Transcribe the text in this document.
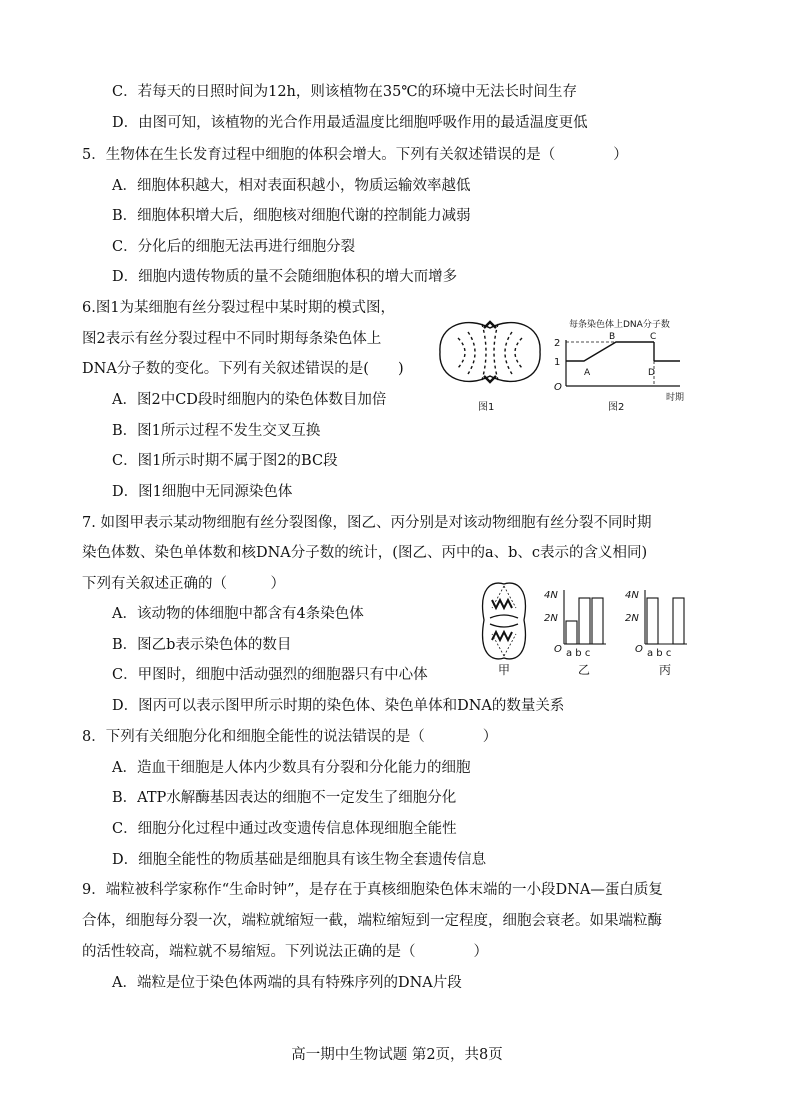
C．若每天的日照时间为12h，则该植物在35℃的环境中无法长时间生存
D．由图可知，该植物的光合作用最适温度比细胞呼吸作用的最适温度更低
5．生物体在生长发育过程中细胞的体积会增大。下列有关叙述错误的是（　　　　）
A．细胞体积越大，相对表面积越小，物质运输效率越低
B．细胞体积增大后，细胞核对细胞代谢的控制能力减弱
C．分化后的细胞无法再进行细胞分裂
D．细胞内遗传物质的量不会随细胞体积的增大而增多
6.图1为某细胞有丝分裂过程中某时期的模式图，
图2表示有丝分裂过程中不同时期每条染色体上
DNA分子数的变化。下列有关叙述错误的是(　　)
A．图2中CD段时细胞内的染色体数目加倍
B．图1所示过程不发生交叉互换
C．图1所示时期不属于图2的BC段
D．图1细胞中无同源染色体
7. 如图甲表示某动物细胞有丝分裂图像，图乙、丙分别是对该动物细胞有丝分裂不同时期
染色体数、染色单体数和核DNA分子数的统计，(图乙、丙中的a、b、c表示的含义相同)
下列有关叙述正确的（　　　）
A．该动物的体细胞中都含有4条染色体
B．图乙b表示染色体的数目
C．甲图时，细胞中活动强烈的细胞器只有中心体
D．图丙可以表示图甲所示时期的染色体、染色单体和DNA的数量关系
8．下列有关细胞分化和细胞全能性的说法错误的是（　　　　）
A．造血干细胞是人体内少数具有分裂和分化能力的细胞
B．ATP水解酶基因表达的细胞不一定发生了细胞分化
C．细胞分化过程中通过改变遗传信息体现细胞全能性
D．细胞全能性的物质基础是细胞具有该生物全套遗传信息
9．端粒被科学家称作“生命时钟”，是存在于真核细胞染色体末端的一小段DNA—蛋白质复
合体，细胞每分裂一次，端粒就缩短一截，端粒缩短到一定程度，细胞会衰老。如果端粒酶
的活性较高，端粒就不易缩短。下列说法正确的是（　　　　）
A．端粒是位于染色体两端的具有特殊序列的DNA片段
图1
每条染色体上DNA分子数
2
1
O
A
B	C
D
时期
图2
甲
4N
2N
O a b c
乙
4N
2N
O a b c
丙
高一期中生物试题 第2页，共8页
